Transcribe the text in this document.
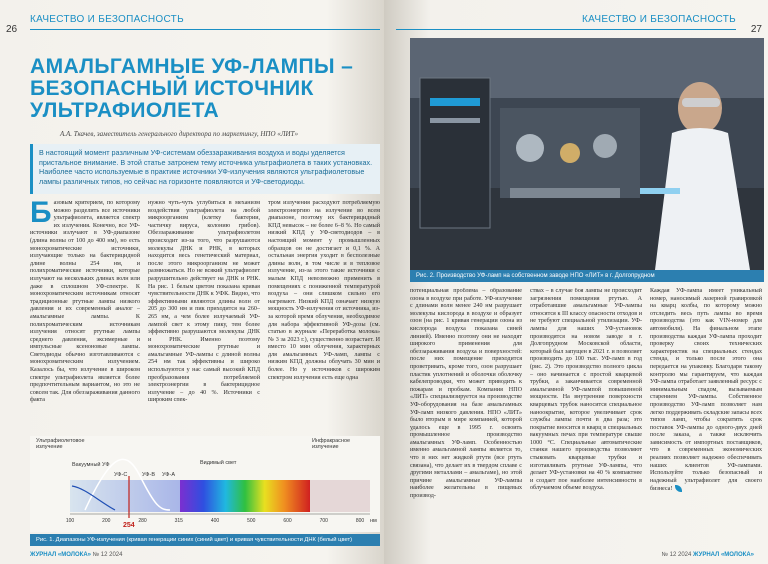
КАЧЕСТВО И БЕЗОПАСНОСТЬ
26
АМАЛЬГАМНЫЕ УФ-ЛАМПЫ – БЕЗОПАСНЫЙ ИСТОЧНИК УЛЬТРАФИОЛЕТА
А.А. Ткачев, заместитель генерального директора по маркетингу, НПО «ЛИТ»
В настоящий момент различным УФ-системам обеззараживания воздуха и воды уделяется пристальное внимание. В этой статье затронем тему источника ультрафиолета в таких установках. Наиболее часто используемые в практике источники УФ-излучения являются ультрафиолетовые лампы различных типов, но сейчас на горизонте появляются и УФ-светодиоды.
Базовым критерием, по которому можно разделить все источники ультрафиолета, является спектр их излучения. Конечно, все УФ-источники излучают в УФ-диапазоне (длина волны от 100 до 400 нм), но есть монохроматические источники, излучающие только на бактерицидной длине волны 254 нм, и полихроматические источники, которые излучают на нескольких длинах волн или даже в сплошном УФ-спектре. К монохроматическим источникам относят традиционные ртутные лампы низкого давления и их современный аналог – амальгамные лампы. К полихроматическим источникам излучения относят ртутные лампы среднего давления, эксимерные и импульсные ксеноновые лампы. Светодиоды обычно изготавливаются с монохроматическим излучением. Казалось бы, что излучение в широком спектре ультрафиолета является более предпочтительным вариантом, но это не совсем так. Для обеззараживания данного факта
нужно чуть-чуть углубиться в механизм воздействия ультрафиолета на любой микроорганизм (клетку бактерии, частичку вируса, колонию грибов). Обеззараживание ультрафиолетом происходит из-за того, что разрушаются молекулы ДНК и РНК, в которых находится весь генетический материал, после этого микроорганизм не может размножаться. Но не всякий ультрафиолет разрушительно действует на ДНК и РНК. На рис. 1 белым цветом показана кривая чувствительности ДНК к УФК. Видно, что эффективными являются длины волн от 205 до 300 нм и пик приходится на 260–265 нм, а чем более излучаемый УФ-лампой свет к этому пику, тем более эффективно разрушаются молекулы ДНК и РНК. Именно поэтому монохроматические ртутные и амальгамные УФ-лампы с длиной волны 254 нм так эффективны и широко используются у нас самый высокий КПД преобразования потребляемой электроэнергии в бактерицидное излучение – до 40 %. Источники с широким спек-
тром излучения расходуют потребляемую электроэнергию на излучение во всем диапазоне, поэтому их бактерицидный КПД невысок – не более 6–8 %. Но самый низкий КПД у УФ-светодиодов – в настоящий момент у промышленных образцов он не достигает и 0,1 %. А остальная энергия уходит в бесполезные длины волн, в том числе и в тепловое излучение, из-за этого такие источники с малым КПД невозможно применить в помещениях с пониженной температурой воздуха – они слишком сильно его нагревают. Низкий КПД означает низкую мощность УФ-излучения от источника, из-за которой время облучения, необходимое для набора эффективной УФ-дозы (см. статью в журнале «Переработка молока» № 3 за 2023 г.), существенно возрастает. И вместо 10 мин облучения, характерных для амальгамных УФ-ламп, лампы с низким КПД должны облучать 30 мин и более. Но у источников с широким спектром излучения есть еще одна
100	200	280	315	400	500	600	700	800
Ультрафиолетовое излучение
Видимый свет
Инфракрасное излучение
Вакуумный УФ
УФ-С	УФ-В УФ-А
254
нм
Рис. 1. Диапазоны УФ-излучения (кривая генерации синих (синий цвет) и кривая чувствительности ДНК (белый цвет)
ЖУРНАЛ «МОЛОКА» № 12 2024
КАЧЕСТВО И БЕЗОПАСНОСТЬ
27
Рис. 2. Производство УФ-ламп на собственном заводе НПО «ЛИТ» в г. Долгопрудном
потенциальная проблема – образование озона в воздухе при работе. УФ-излучение с длинами волн менее 240 нм разрушает молекулы кислорода в воздухе и образует озон (на рис. 1 кривая генерации озона из кислорода воздуха показана синей линией). Именно поэтому они не находят широкого применения для обеззараживания воздуха и поверхностей: после них помещение приходится проветривать, кроме того, озон разрушает пластик уплотнений и оболочки оболочку кабелепроводки, что может приводить к пожарам и пробкам. Компания НПО «ЛИТ» специализируется на производстве УФ-оборудования на базе амальгамных УФ-ламп низкого давления. НПО «ЛИТ» было вторым в мире компанией, которой удалось еще в 1995 г. освоить промышленное производство амальгамных УФ-ламп. Особенностью именно амальгамной лампы является то, что в них нет жидкой ртути (все ртуть связана), что делает их в твердом сплаве с другими металлами – амальгаме), но этой причине амальгамные УФ-лампы наиболее желательны в пищевых производ-
ствах – в случае боя лампы не происходит загрязнения помещения ртутью. А отработавшие амальгамные УФ-лампы относятся к III классу опасности отходов и не требуют специальной утилизации. УФ-лампы для наших УФ-установок производятся на новом заводе в г. Долгопрудном Московской области, который был запущен в 2021 г. и позволяет производить до 100 тыс. УФ-ламп в год (рис. 2). Это производство полного цикла – оно начинается с простой кварцевой трубки, а заканчивается современной амальгамной УФ-лампой повышенной мощности. На внутренние поверхности кварцевых трубок наносится специальное наноокрытие, которое увеличивает срок службы лампы почти в два раза; это покрытие вносится в кварц в специальных вакуумных печах при температуре свыше 1000 °С. Специальные автоматические станки нашего производства позволяют стыковать кварцевые трубки и изготавливать ртутные УФ-лампы, что делает УФ-установки на 40 % компактнее и создает пое наиболее интенсивности в облучаемом объеме воздуха.
Каждая УФ-лампа имеет уникальный номер, наносимый лазерной гравировкой на кварц колбы, по которому можно отследить весь путь лампы во время производства (это как VIN-номер для автомобиля). На финальном этапе производства каждая УФ-лампа проходит проверку своих технических характеристик на специальных стендах стенда, и только после этого она передается на упаковку. Благодаря такому контролю мы гарантируем, что каждая УФ-лампа отработает заявленный ресурс с минимальным спадом, вызываемым старением УФ-лампы. Собственное производство УФ-ламп позволяет нам легко поддерживать складские запасы всех типов ламп, чтобы сократить срок поставок УФ-лампы до одного-двух дней после заказа, а также исключить зависимость от импортных поставщиков, что в современных экономических реалиях позволяет надежно обеспечивать наших клиентов УФ-лампами. Используйте только безопасный и надежный ультрафиолет для своего бизнеса!
№ 12 2024 ЖУРНАЛ «МОЛОКА»
